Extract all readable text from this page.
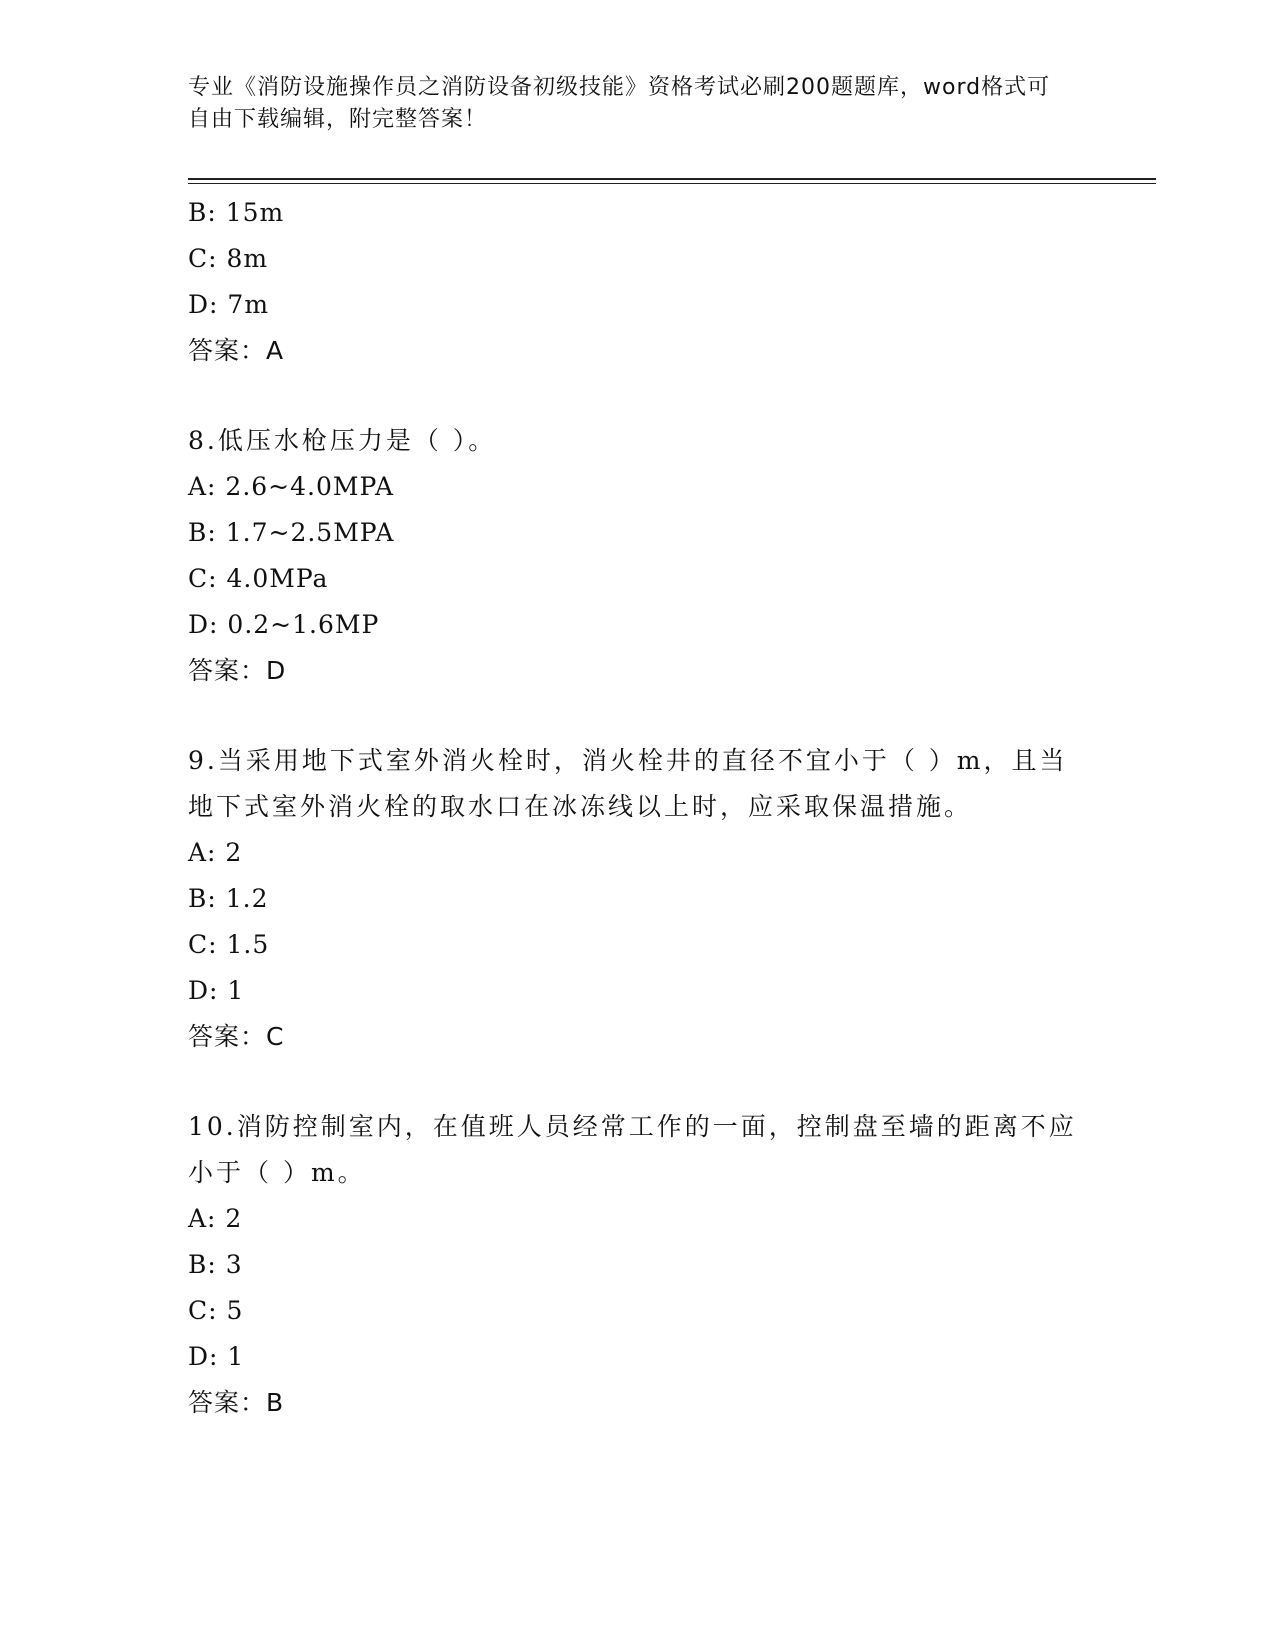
专业《消防设施操作员之消防设备初级技能》资格考试必刷200题题库，word格式可自由下载编辑，附完整答案！
B: 15m
C: 8m
D: 7m
答案：A
8.低压水枪压力是（ ）。
A: 2.6~4.0MPA
B: 1.7~2.5MPA
C: 4.0MPa
D: 0.2~1.6MP
答案：D
9.当采用地下式室外消火栓时，消火栓井的直径不宜小于（ ）m，且当地下式室外消火栓的取水口在冰冻线以上时，应采取保温措施。
A: 2
B: 1.2
C: 1.5
D: 1
答案：C
10.消防控制室内，在值班人员经常工作的一面，控制盘至墙的距离不应小于（ ）m。
A: 2
B: 3
C: 5
D: 1
答案：B
